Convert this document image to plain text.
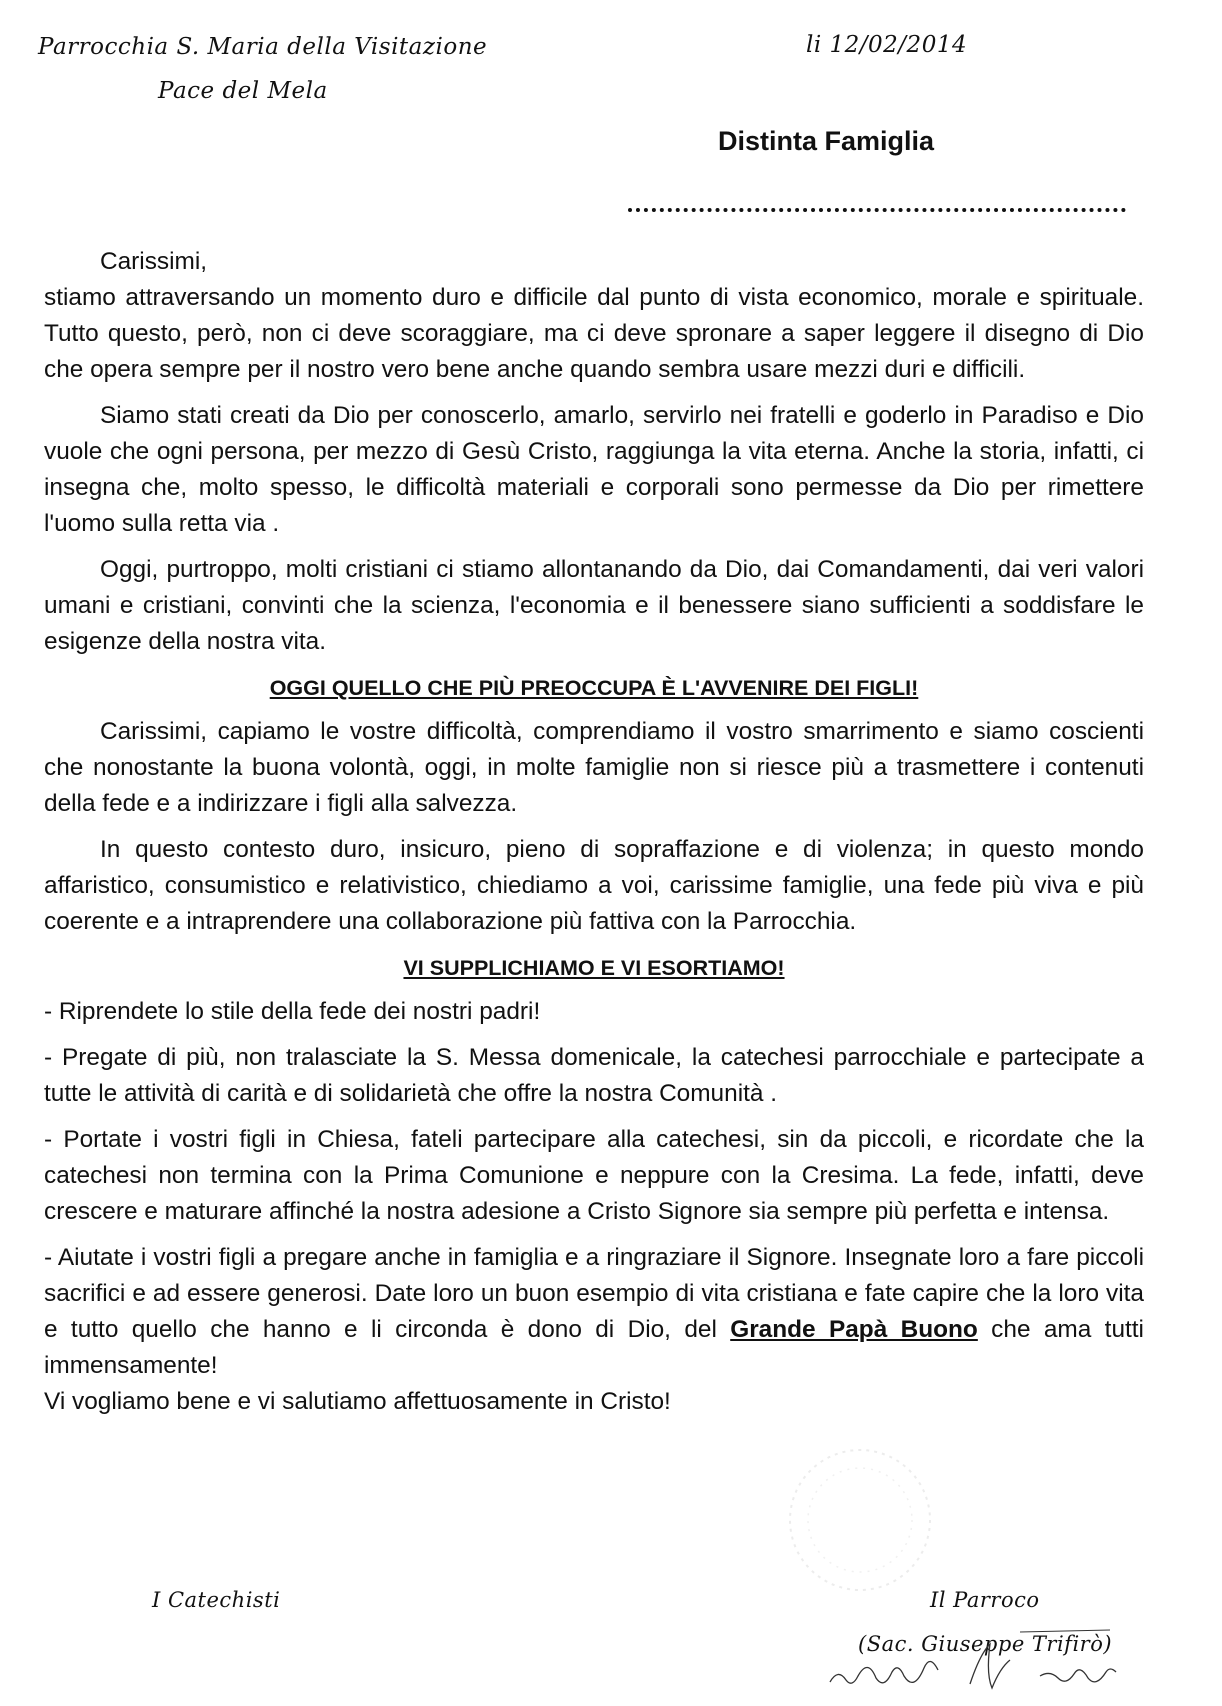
Parrocchia S. Maria della Visitazione
Pace del Mela
li 12/02/2014
Distinta Famiglia

Carissimi,

stiamo attraversando un momento duro e difficile dal punto di vista economico, morale e spirituale. Tutto questo, però, non ci deve scoraggiare, ma ci deve spronare a saper leggere il disegno di Dio che opera sempre per il nostro vero bene anche quando sembra usare mezzi duri e difficili.

Siamo stati creati da Dio per conoscerlo, amarlo, servirlo nei fratelli e goderlo in Paradiso e Dio vuole che ogni persona, per mezzo di Gesù Cristo, raggiunga la vita eterna. Anche la storia, infatti, ci insegna che, molto spesso, le difficoltà materiali e corporali sono permesse da Dio per rimettere l'uomo sulla retta via .

Oggi, purtroppo, molti cristiani ci stiamo allontanando da Dio, dai Comandamenti, dai veri valori umani e cristiani, convinti che la scienza, l'economia e il benessere siano sufficienti a soddisfare le esigenze della nostra vita.

OGGI QUELLO CHE PIÙ PREOCCUPA È L'AVVENIRE DEI FIGLI!

Carissimi, capiamo le vostre difficoltà, comprendiamo il vostro smarrimento e siamo coscienti che nonostante la buona volontà, oggi, in molte famiglie non si riesce più a trasmettere i contenuti della fede e a indirizzare i figli alla salvezza.

In questo contesto duro, insicuro, pieno di sopraffazione e di violenza; in questo mondo affaristico, consumistico e relativistico, chiediamo a voi, carissime famiglie, una fede più viva e più coerente e a intraprendere una collaborazione più fattiva con la Parrocchia.

VI SUPPLICHIAMO E VI ESORTIAMO!

- Riprendete lo stile della fede dei nostri padri!

- Pregate di più, non tralasciate la S. Messa domenicale, la catechesi parrocchiale e partecipate a tutte le attività di carità e di solidarietà che offre la nostra Comunità .

- Portate i vostri figli in Chiesa, fateli partecipare alla catechesi, sin da piccoli, e ricordate che la catechesi non termina con la Prima Comunione e neppure con la Cresima. La fede, infatti, deve crescere e maturare affinché la nostra adesione a Cristo Signore sia sempre più perfetta e intensa.

- Aiutate i vostri figli a pregare anche in famiglia e a ringraziare il Signore. Insegnate loro a fare piccoli sacrifici e ad essere generosi. Date loro un buon esempio di vita cristiana e fate capire che la loro vita e tutto quello che hanno e li circonda è dono di Dio, del Grande Papà Buono che ama tutti immensamente!

Vi vogliamo bene e vi salutiamo affettuosamente in Cristo!

I Catechisti	Il Parroco
(Sac. Giuseppe Trifirò)
